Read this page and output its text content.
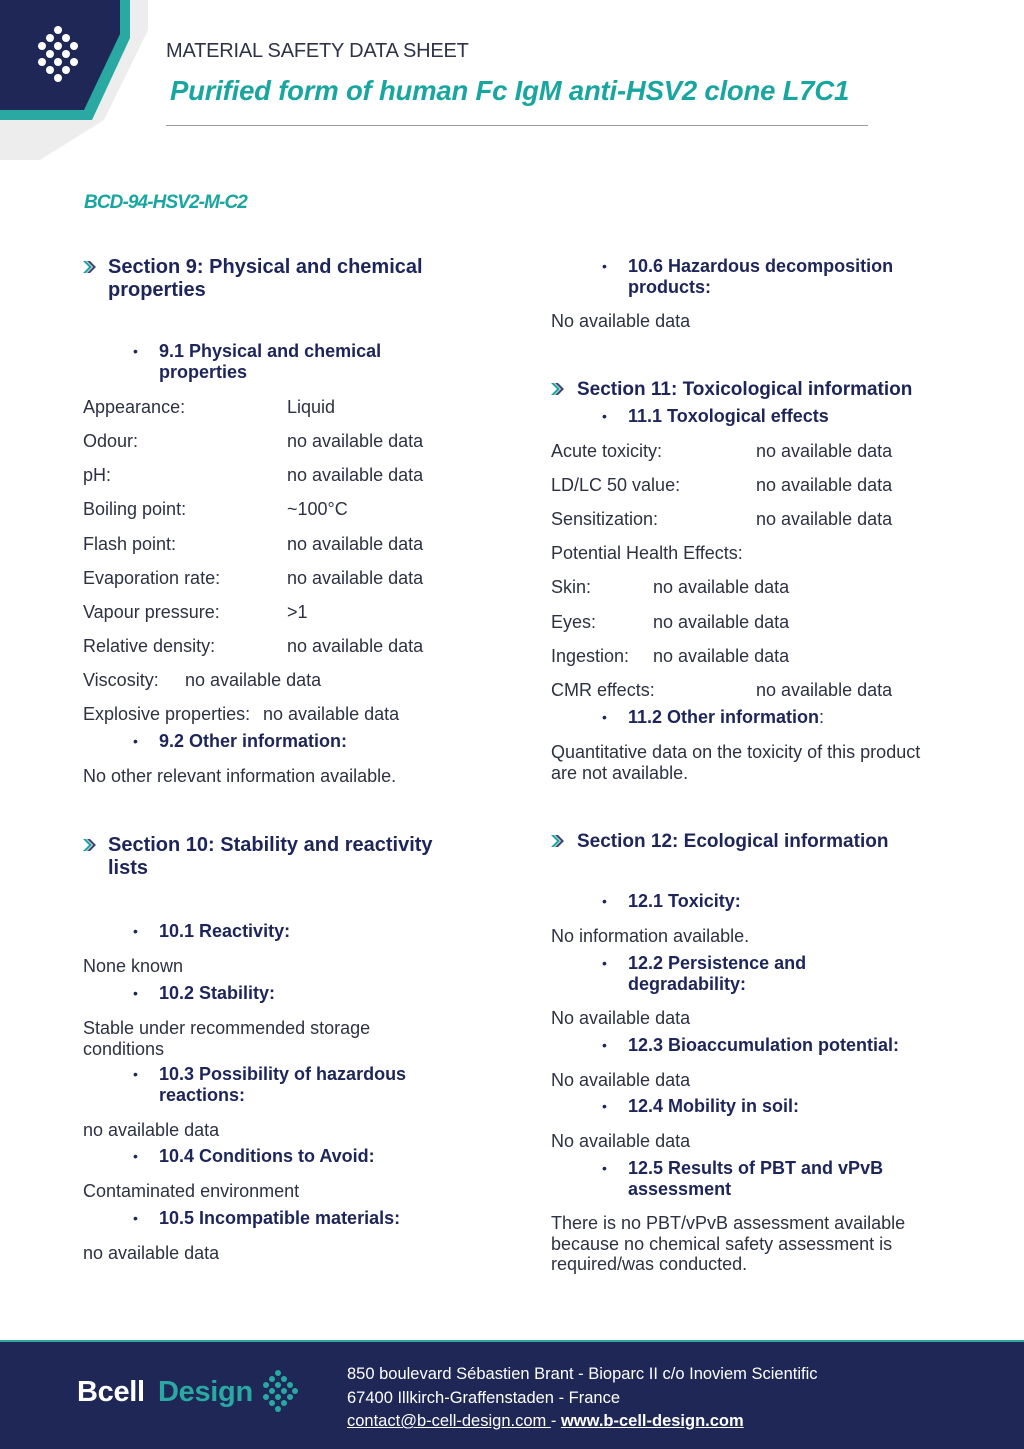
MATERIAL SAFETY DATA SHEET
Purified form of human Fc IgM anti-HSV2 clone L7C1
BCD-94-HSV2-M-C2
Section 9: Physical and chemical properties
• 9.1 Physical and chemical properties
Appearance:	Liquid
Odour:	no available data
pH:	no available data
Boiling point:	~100°C
Flash point:	no available data
Evaporation rate:	no available data
Vapour pressure:	>1
Relative density:	no available data
Viscosity: no available data
Explosive properties: no available data
• 9.2 Other information:
No other relevant information available.
Section 10: Stability and reactivity lists
• 10.1 Reactivity:
None known
• 10.2 Stability:
Stable under recommended storage conditions
• 10.3 Possibility of hazardous reactions:
no available data
• 10.4 Conditions to Avoid:
Contaminated environment
• 10.5 Incompatible materials:
no available data
• 10.6 Hazardous decomposition products:
No available data
Section 11: Toxicological information
• 11.1 Toxological effects
Acute toxicity:	no available data
LD/LC 50 value:	no available data
Sensitization:	no available data
Potential Health Effects:
Skin:	no available data
Eyes:	no available data
Ingestion: no available data
CMR effects:	no available data
• 11.2 Other information:
Quantitative data on the toxicity of this product are not available.
Section 12: Ecological information
• 12.1 Toxicity:
No information available.
• 12.2 Persistence and degradability:
No available data
• 12.3 Bioaccumulation potential:
No available data
• 12.4 Mobility in soil:
No available data
• 12.5 Results of PBT and vPvB assessment
There is no PBT/vPvB assessment available because no chemical safety assessment is required/was conducted.
Bcell Design
850 boulevard Sébastien Brant - Bioparc II c/o Inoviem Scientific
67400 Illkirch-Graffenstaden - France
contact@b-cell-design.com - www.b-cell-design.com
